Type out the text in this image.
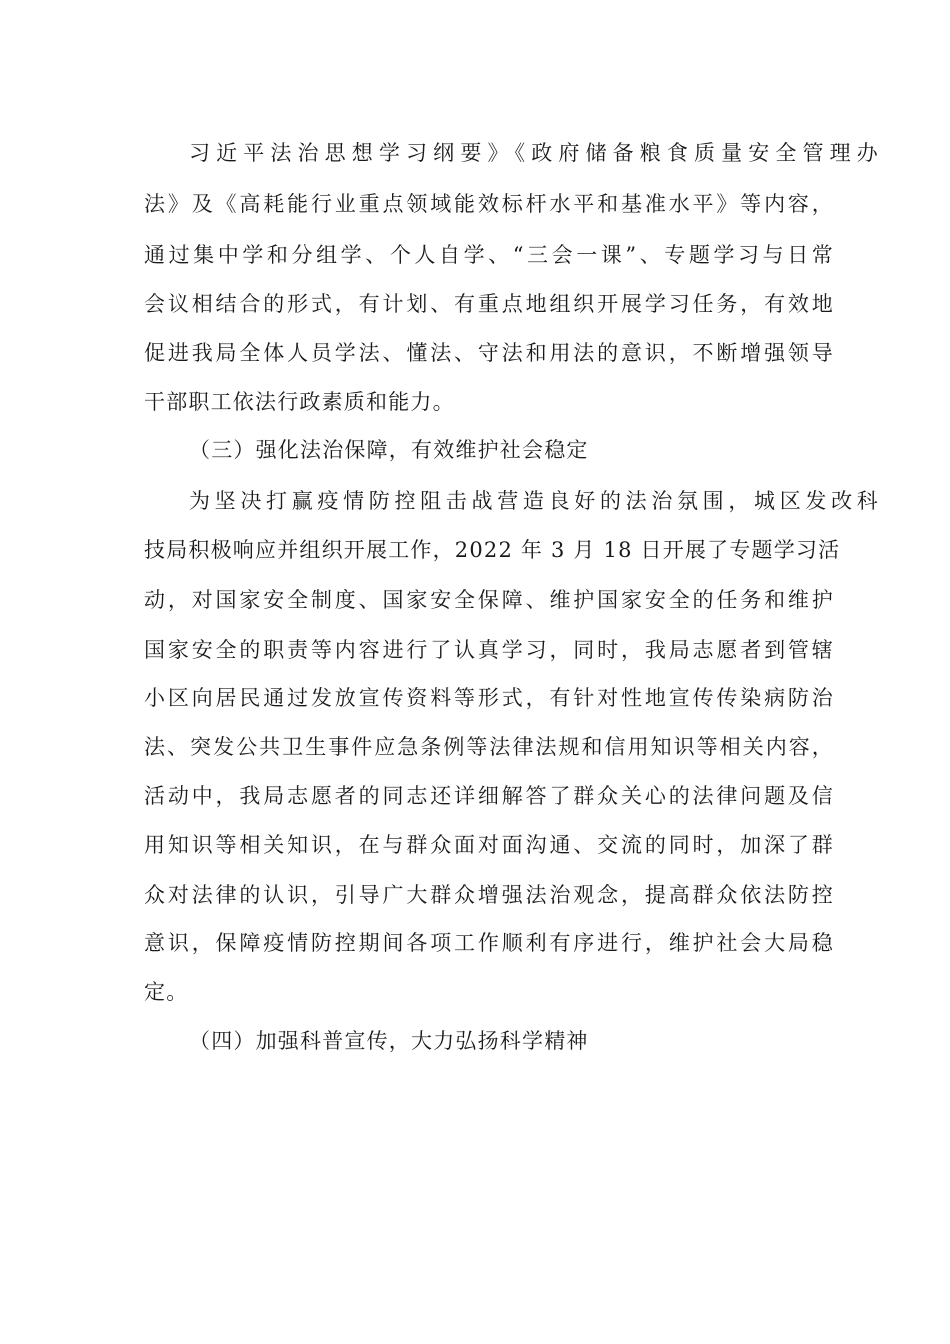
习近平法治思想学习纲要》《政府储备粮食质量安全管理办
法》及《高耗能行业重点领域能效标杆水平和基准水平》等内容，
通过集中学和分组学、个人自学、“三会一课”、专题学习与日常
会议相结合的形式，有计划、有重点地组织开展学习任务，有效地
促进我局全体人员学法、懂法、守法和用法的意识，不断增强领导
干部职工依法行政素质和能力。
（三）强化法治保障，有效维护社会稳定
为坚决打赢疫情防控阻击战营造良好的法治氛围，城区发改科
技局积极响应并组织开展工作，2022 年 3 月 18 日开展了专题学习活
动，对国家安全制度、国家安全保障、维护国家安全的任务和维护
国家安全的职责等内容进行了认真学习，同时，我局志愿者到管辖
小区向居民通过发放宣传资料等形式，有针对性地宣传传染病防治
法、突发公共卫生事件应急条例等法律法规和信用知识等相关内容，
活动中，我局志愿者的同志还详细解答了群众关心的法律问题及信
用知识等相关知识，在与群众面对面沟通、交流的同时，加深了群
众对法律的认识，引导广大群众增强法治观念，提高群众依法防控
意识，保障疫情防控期间各项工作顺利有序进行，维护社会大局稳
定。
（四）加强科普宣传，大力弘扬科学精神
